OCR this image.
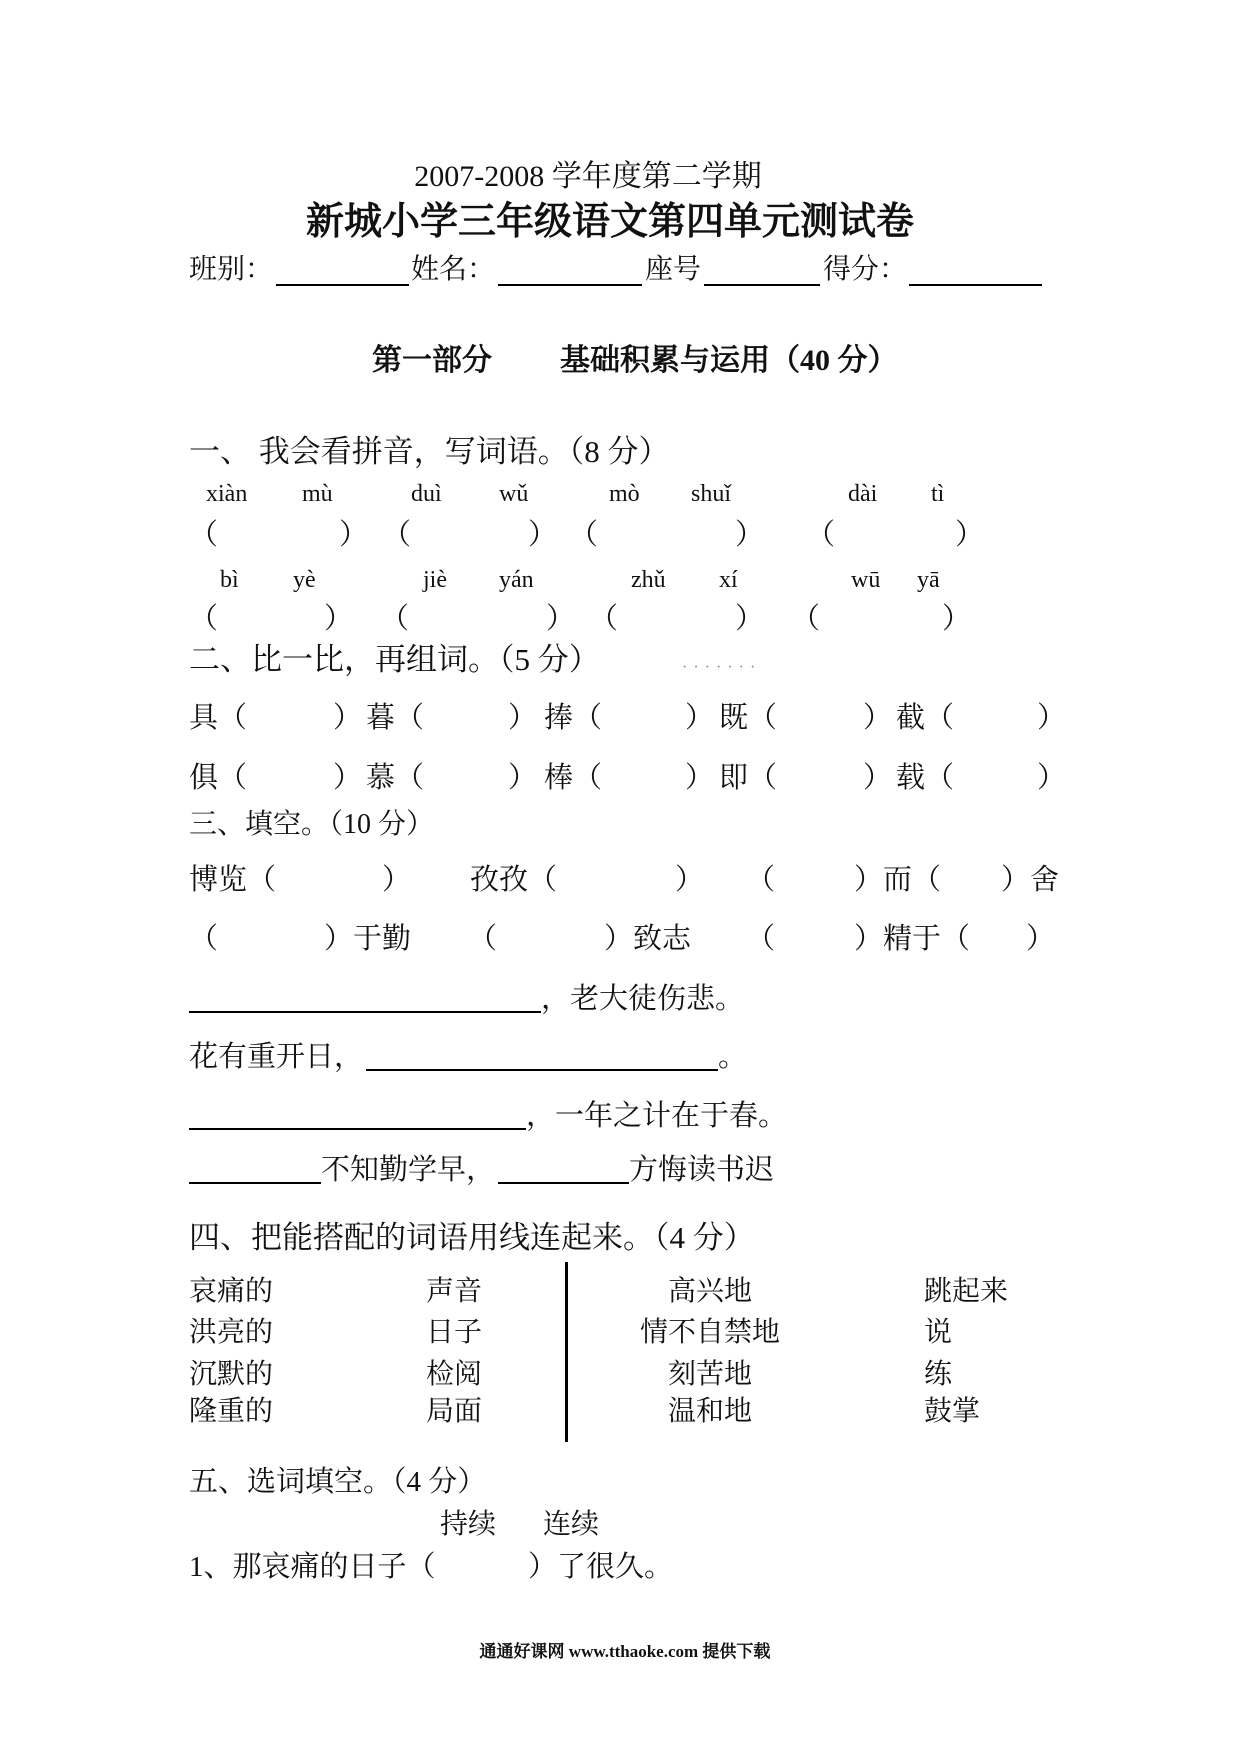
2007-2008 学年度第二学期
新城小学三年级语文第四单元测试卷
班别：	姓名：	座号	得分：
第一部分 基础积累与运用（40 分）
一、 我会看拼音，写词语。（8 分）
xiàn mù	duì wǔ	mò shuǐ	dài tì
（	） （	） （	） （	）
bì yè	jiè yán	zhǔ xí	wū yā
（	） （	） （	） （	）
二、比一比，再组词。（5 分）	· · · · · · ·
具 （	） 暮 （	） 捧 （	） 既 （	） 截 （	）
俱 （	） 慕 （	） 棒 （	） 即 （	） 载 （	）
三、填空。（10 分）
博览 （	） 孜孜 （	） （	） 而 （ ） 舍
（	） 于勤 （	） 致志 （	） 精于 （ ）
，老大徒伤悲。
花有重开日，	。
，一年之计在于春。
不知勤学早，	方悔读书迟
四、把能搭配的词语用线连起来。（4 分）
哀痛的	声音	高兴地	跳起来
洪亮的	日子	情不自禁地	说
沉默的	检阅	刻苦地	练
隆重的	局面	温和地	鼓掌
五、选词填空。（4 分）
持续 连续
1、那哀痛的日子（	）了很久。
通通好课网 www.tthaoke.com 提供下载
